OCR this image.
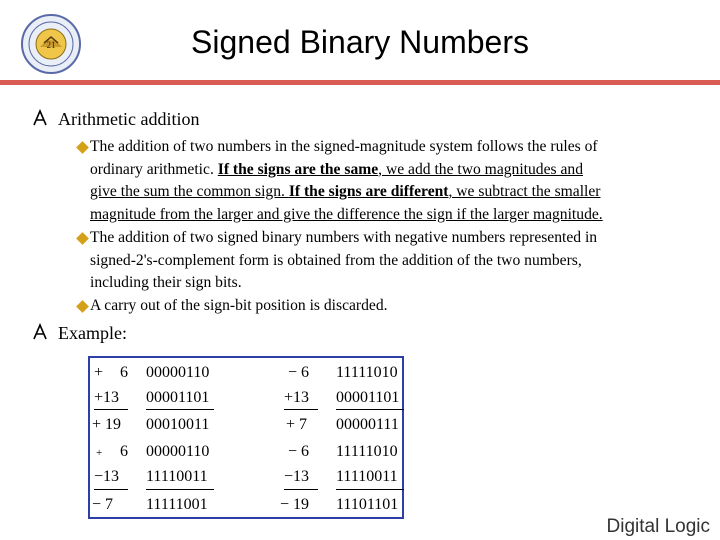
21	Signed Binary Numbers
Arithmetic addition
The addition of two numbers in the signed-magnitude system follows the rules of
ordinary arithmetic. If the signs are the same, we add the two magnitudes and
give the sum the common sign. If the signs are different, we subtract the smaller
magnitude from the larger and give the difference the sign if the larger magnitude.
The addition of two signed binary numbers with negative numbers represented in
signed-2's-complement form is obtained from the addition of the two numbers,
including their sign bits.
A carry out of the sign-bit position is discarded.
Example:
+ 6 00000110
+13 00001101
+ 19 00010011
− 6 11111010
+13 00001101
+ 7 00000111
+ 6 00000110
−13 11110011
− 7 11111001
− 6 11111010
−13 11110011
− 19 11101101
Digital Logic
